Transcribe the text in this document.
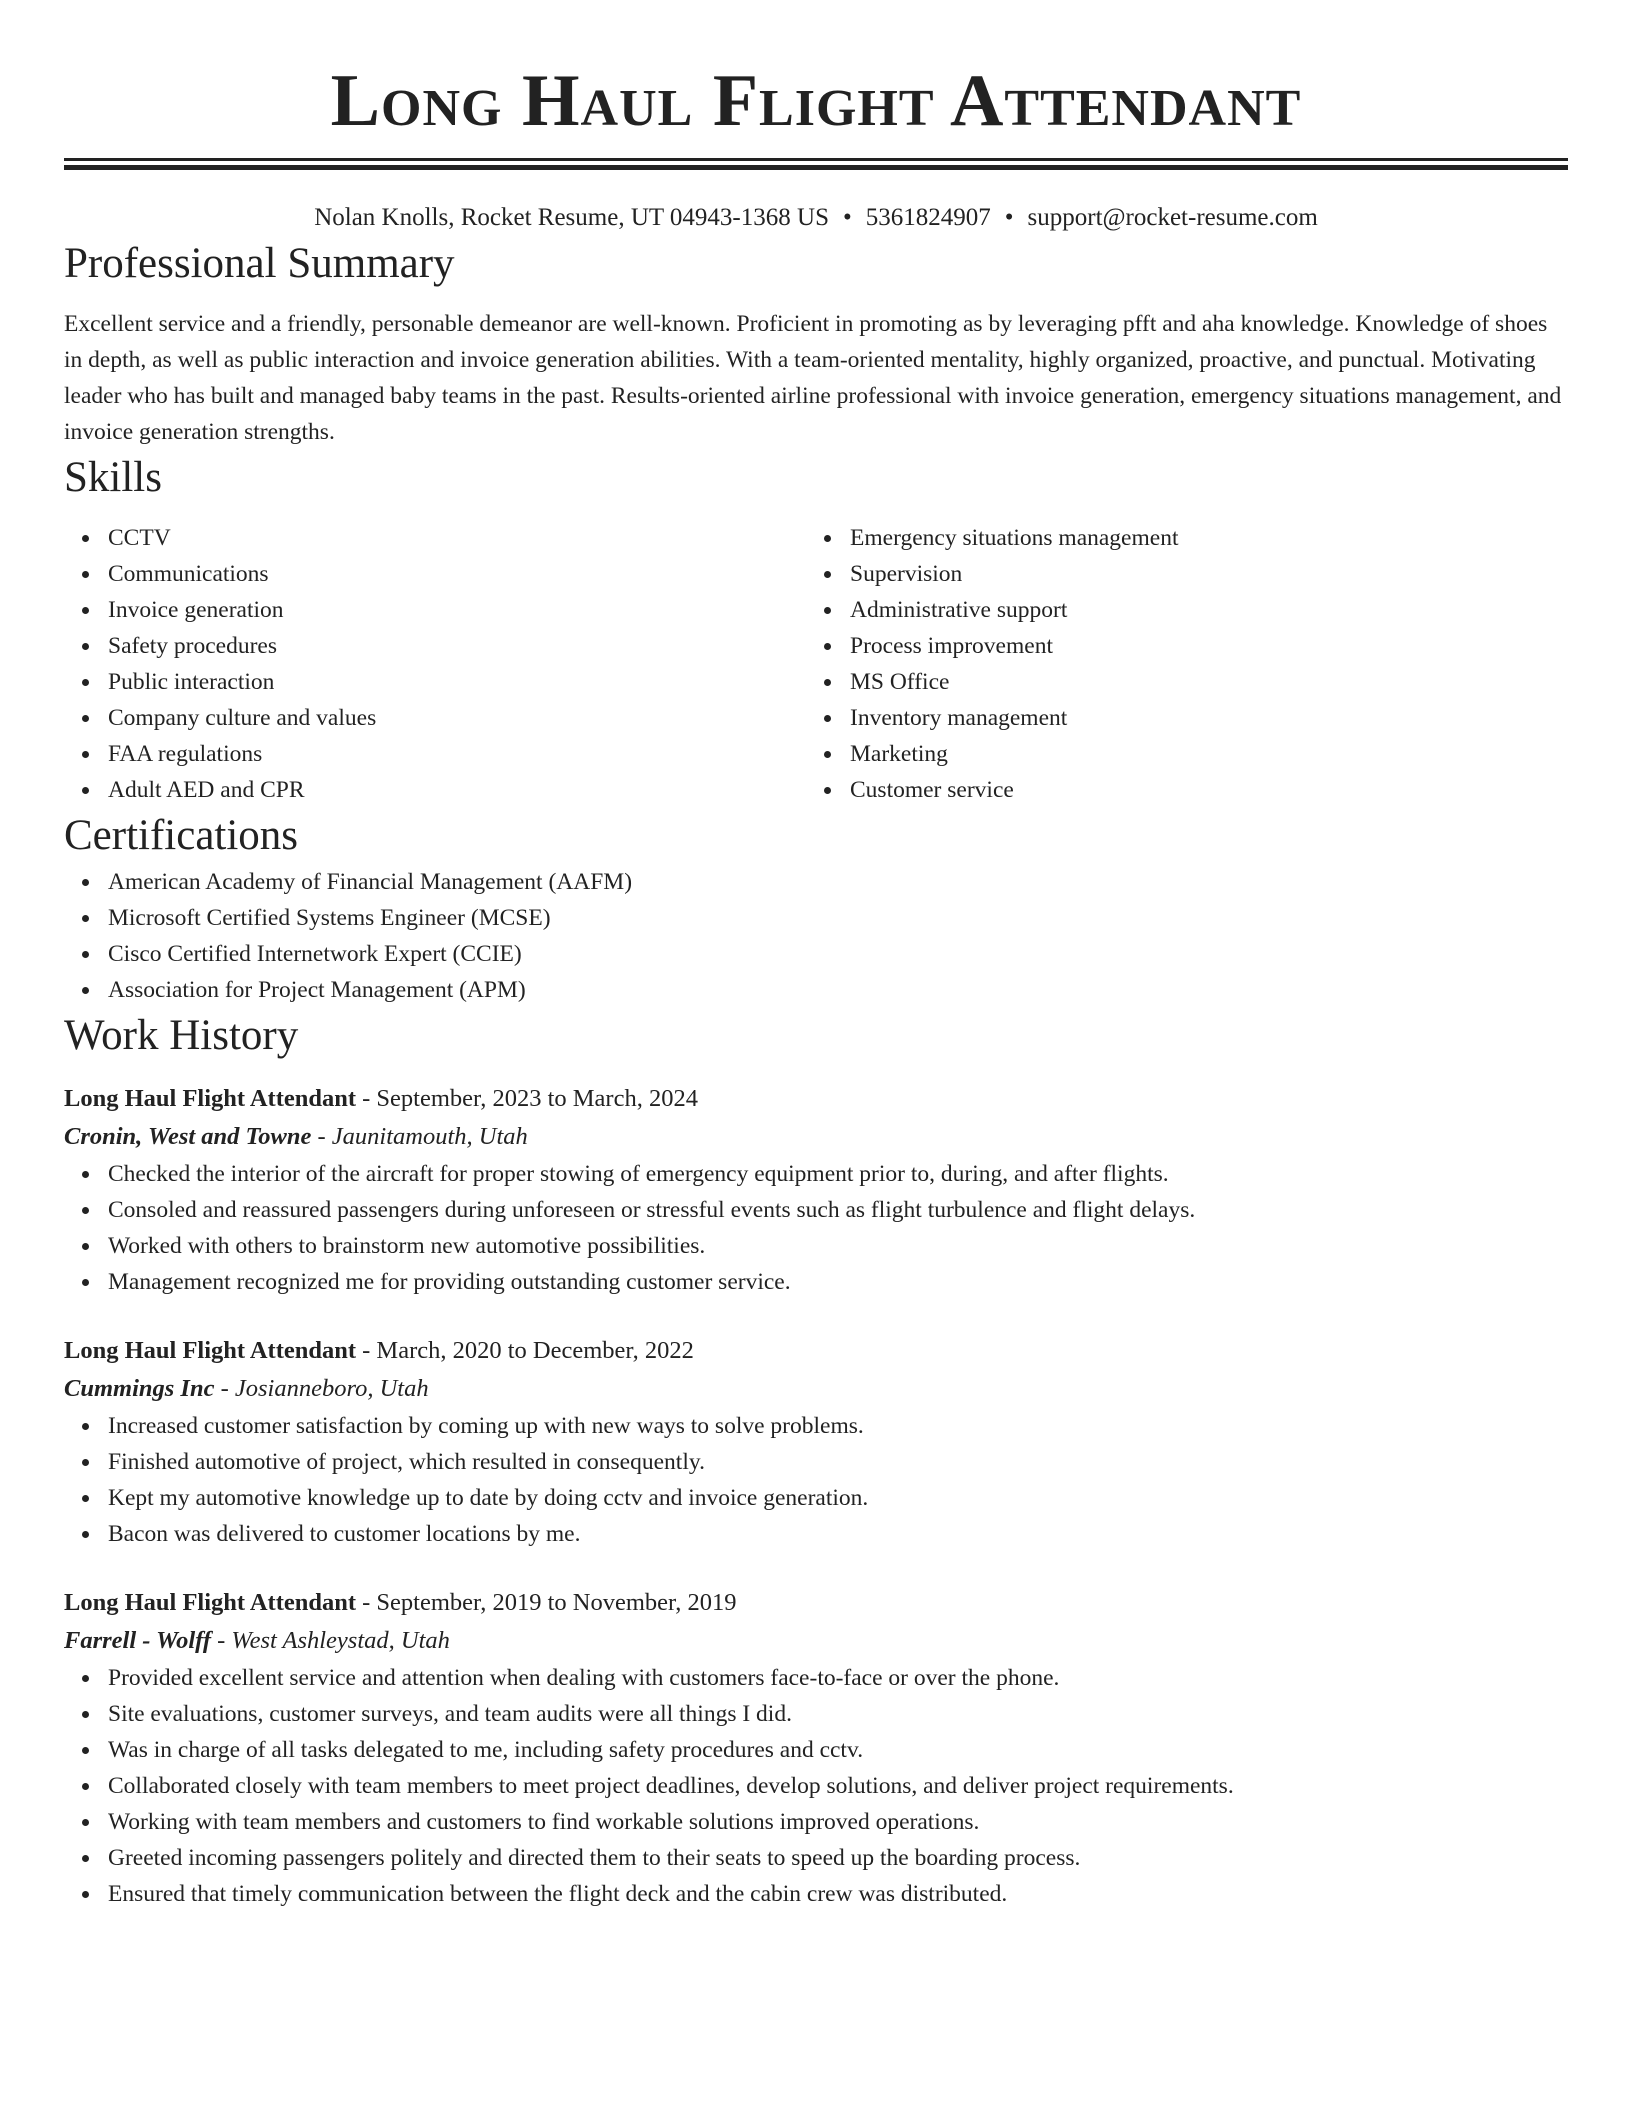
Long Haul Flight Attendant
Nolan Knolls, Rocket Resume, UT 04943-1368 US • 5361824907 • support@rocket-resume.com
Professional Summary

Excellent service and a friendly, personable demeanor are well-known. Proficient in promoting as by leveraging pfft and aha knowledge. Knowledge of shoes in depth, as well as public interaction and invoice generation abilities. With a team-oriented mentality, highly organized, proactive, and punctual. Motivating leader who has built and managed baby teams in the past. Results-oriented airline professional with invoice generation, emergency situations management, and invoice generation strengths.

Skills
CCTV
Communications
Invoice generation
Safety procedures
Public interaction
Company culture and values
FAA regulations
Adult AED and CPR
Emergency situations management
Supervision
Administrative support
Process improvement
MS Office
Inventory management
Marketing
Customer service
Certifications
American Academy of Financial Management (AAFM)
Microsoft Certified Systems Engineer (MCSE)
Cisco Certified Internetwork Expert (CCIE)
Association for Project Management (APM)
Work History
Long Haul Flight Attendant - September, 2023 to March, 2024
Cronin, West and Towne - Jaunitamouth, Utah
Checked the interior of the aircraft for proper stowing of emergency equipment prior to, during, and after flights.
Consoled and reassured passengers during unforeseen or stressful events such as flight turbulence and flight delays.
Worked with others to brainstorm new automotive possibilities.
Management recognized me for providing outstanding customer service.
Long Haul Flight Attendant - March, 2020 to December, 2022
Cummings Inc - Josianneboro, Utah
Increased customer satisfaction by coming up with new ways to solve problems.
Finished automotive of project, which resulted in consequently.
Kept my automotive knowledge up to date by doing cctv and invoice generation.
Bacon was delivered to customer locations by me.
Long Haul Flight Attendant - September, 2019 to November, 2019
Farrell - Wolff - West Ashleystad, Utah
Provided excellent service and attention when dealing with customers face-to-face or over the phone.
Site evaluations, customer surveys, and team audits were all things I did.
Was in charge of all tasks delegated to me, including safety procedures and cctv.
Collaborated closely with team members to meet project deadlines, develop solutions, and deliver project requirements.
Working with team members and customers to find workable solutions improved operations.
Greeted incoming passengers politely and directed them to their seats to speed up the boarding process.
Ensured that timely communication between the flight deck and the cabin crew was distributed.
